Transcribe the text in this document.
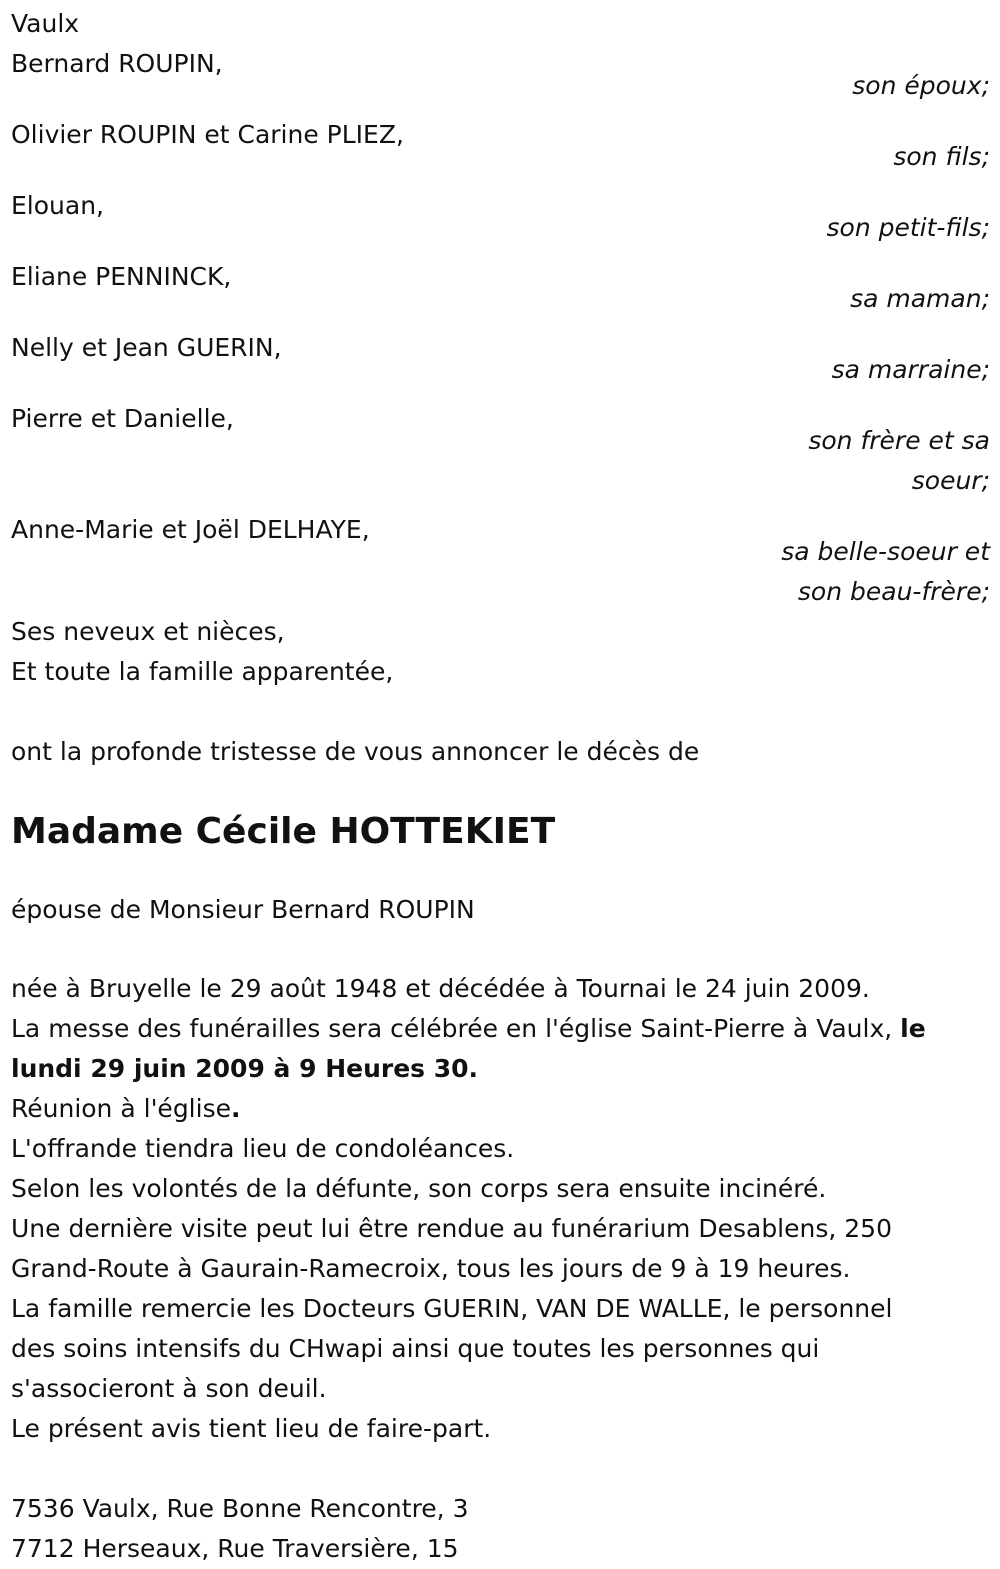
Vaulx
Bernard ROUPIN,
son époux;
Olivier ROUPIN et Carine PLIEZ,
son fils;
Elouan,
son petit-fils;
Eliane PENNINCK,
sa maman;
Nelly et Jean GUERIN,
sa marraine;
Pierre et Danielle,
son frère et sa
soeur;
Anne-Marie et Joël DELHAYE,
sa belle-soeur et
son beau-frère;
Ses neveux et nièces,
Et toute la famille apparentée,
ont la profonde tristesse de vous annoncer le décès de
Madame Cécile HOTTEKIET
épouse de Monsieur Bernard ROUPIN
née à Bruyelle le 29 août 1948 et décédée à Tournai le 24 juin 2009.
La messe des funérailles sera célébrée en l'église Saint-Pierre à Vaulx, le
lundi 29 juin 2009 à 9 Heures 30.
Réunion à l'église.
L'offrande tiendra lieu de condoléances.
Selon les volontés de la défunte, son corps sera ensuite incinéré.
Une dernière visite peut lui être rendue au funérarium Desablens, 250
Grand-Route à Gaurain-Ramecroix, tous les jours de 9 à 19 heures.
La famille remercie les Docteurs GUERIN, VAN DE WALLE, le personnel
des soins intensifs du CHwapi ainsi que toutes les personnes qui
s'associeront à son deuil.
Le présent avis tient lieu de faire-part.
7536 Vaulx, Rue Bonne Rencontre, 3
7712 Herseaux, Rue Traversière, 15
